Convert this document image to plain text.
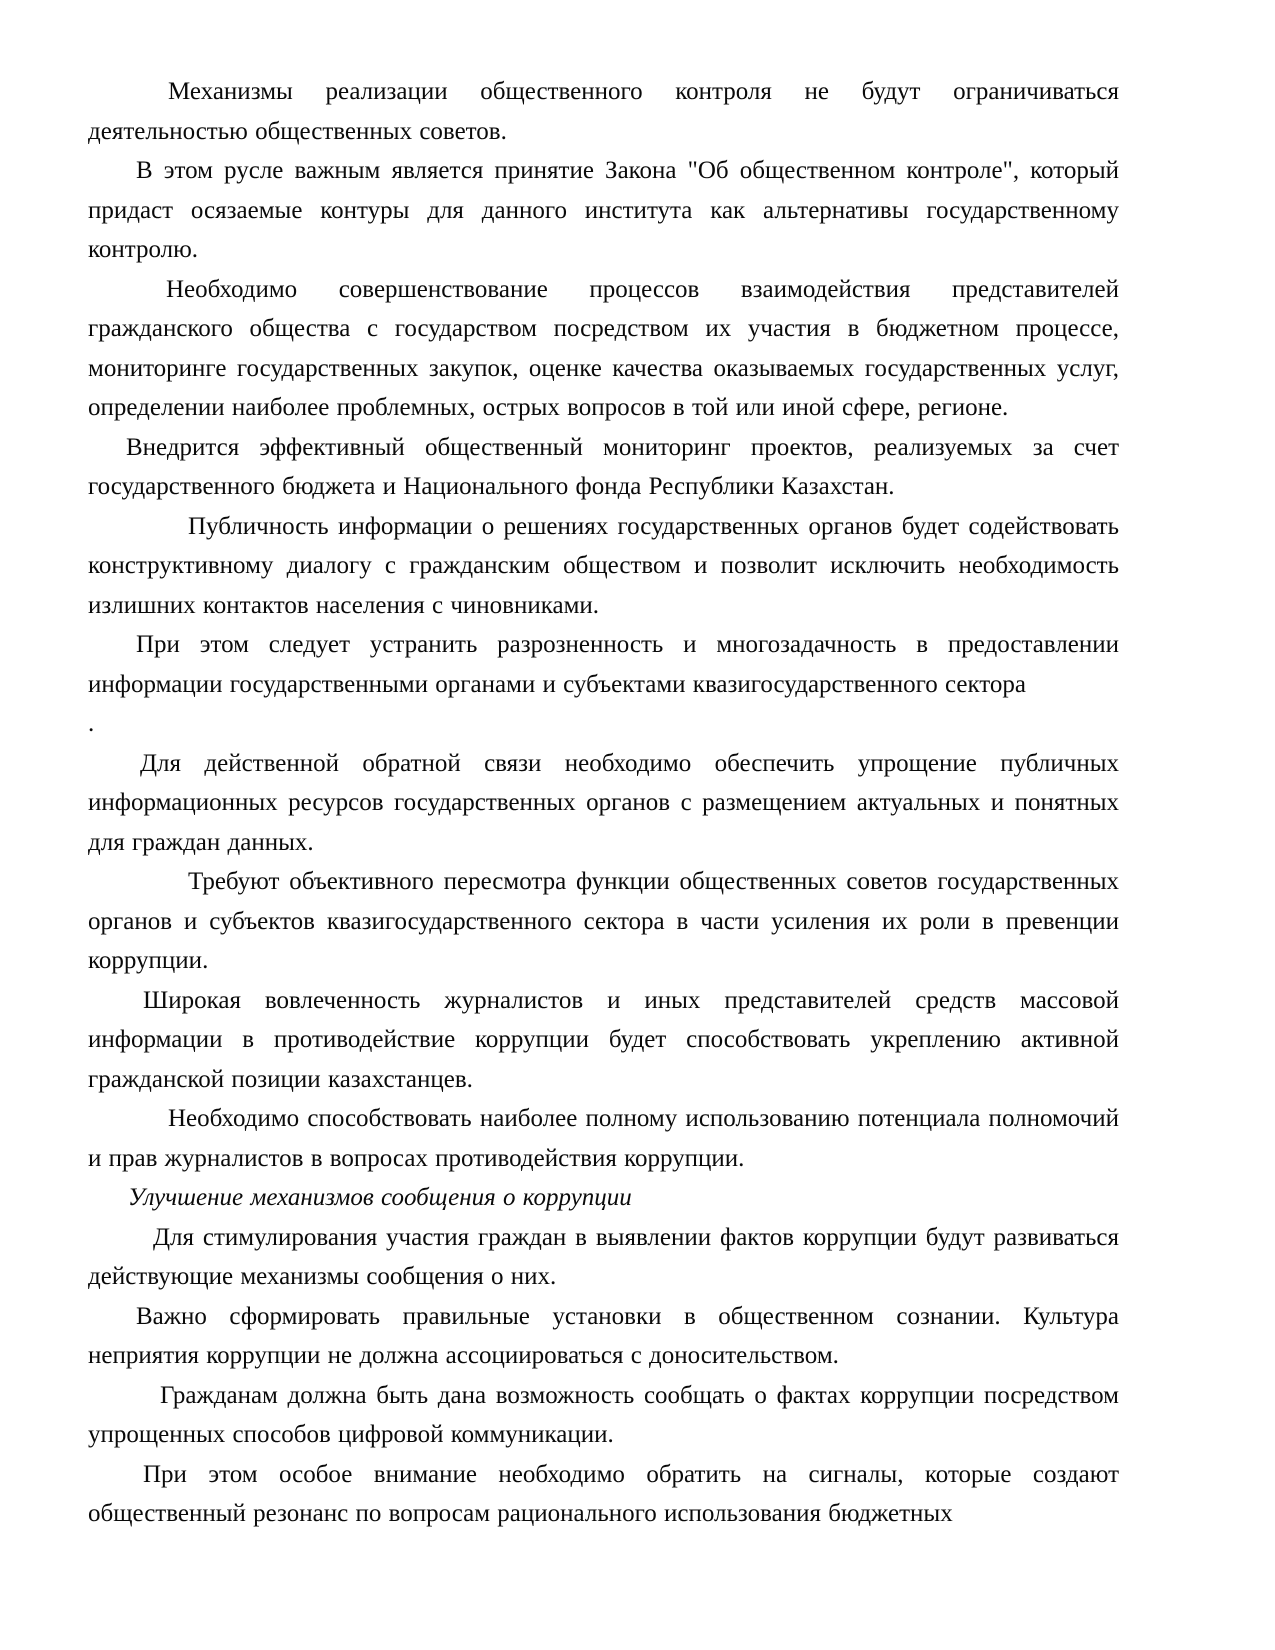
Механизмы реализации общественного контроля не будут ограничиваться деятельностью общественных советов.

В этом русле важным является принятие Закона "Об общественном контроле", который придаст осязаемые контуры для данного института как альтернативы государственному контролю.

Необходимо совершенствование процессов взаимодействия представителей гражданского общества с государством посредством их участия в бюджетном процессе, мониторинге государственных закупок, оценке качества оказываемых государственных услуг, определении наиболее проблемных, острых вопросов в той или иной сфере, регионе.

Внедрится эффективный общественный мониторинг проектов, реализуемых за счет государственного бюджета и Национального фонда Республики Казахстан.

Публичность информации о решениях государственных органов будет содействовать конструктивному диалогу с гражданским обществом и позволит исключить необходимость излишних контактов населения с чиновниками.

При этом следует устранить разрозненность и многозадачность в предоставлении информации государственными органами и субъектами квазигосударственного сектора

.

Для действенной обратной связи необходимо обеспечить упрощение публичных информационных ресурсов государственных органов с размещением актуальных и понятных для граждан данных.

Требуют объективного пересмотра функции общественных советов государственных органов и субъектов квазигосударственного сектора в части усиления их роли в превенции коррупции.

Широкая вовлеченность журналистов и иных представителей средств массовой информации в противодействие коррупции будет способствовать укреплению активной гражданской позиции казахстанцев.

Необходимо способствовать наиболее полному использованию потенциала полномочий и прав журналистов в вопросах противодействия коррупции.

Улучшение механизмов сообщения о коррупции

Для стимулирования участия граждан в выявлении фактов коррупции будут развиваться действующие механизмы сообщения о них.

Важно сформировать правильные установки в общественном сознании. Культура неприятия коррупции не должна ассоциироваться с доносительством.

Гражданам должна быть дана возможность сообщать о фактах коррупции посредством упрощенных способов цифровой коммуникации.

При этом особое внимание необходимо обратить на сигналы, которые создают общественный резонанс по вопросам рационального использования бюджетных
